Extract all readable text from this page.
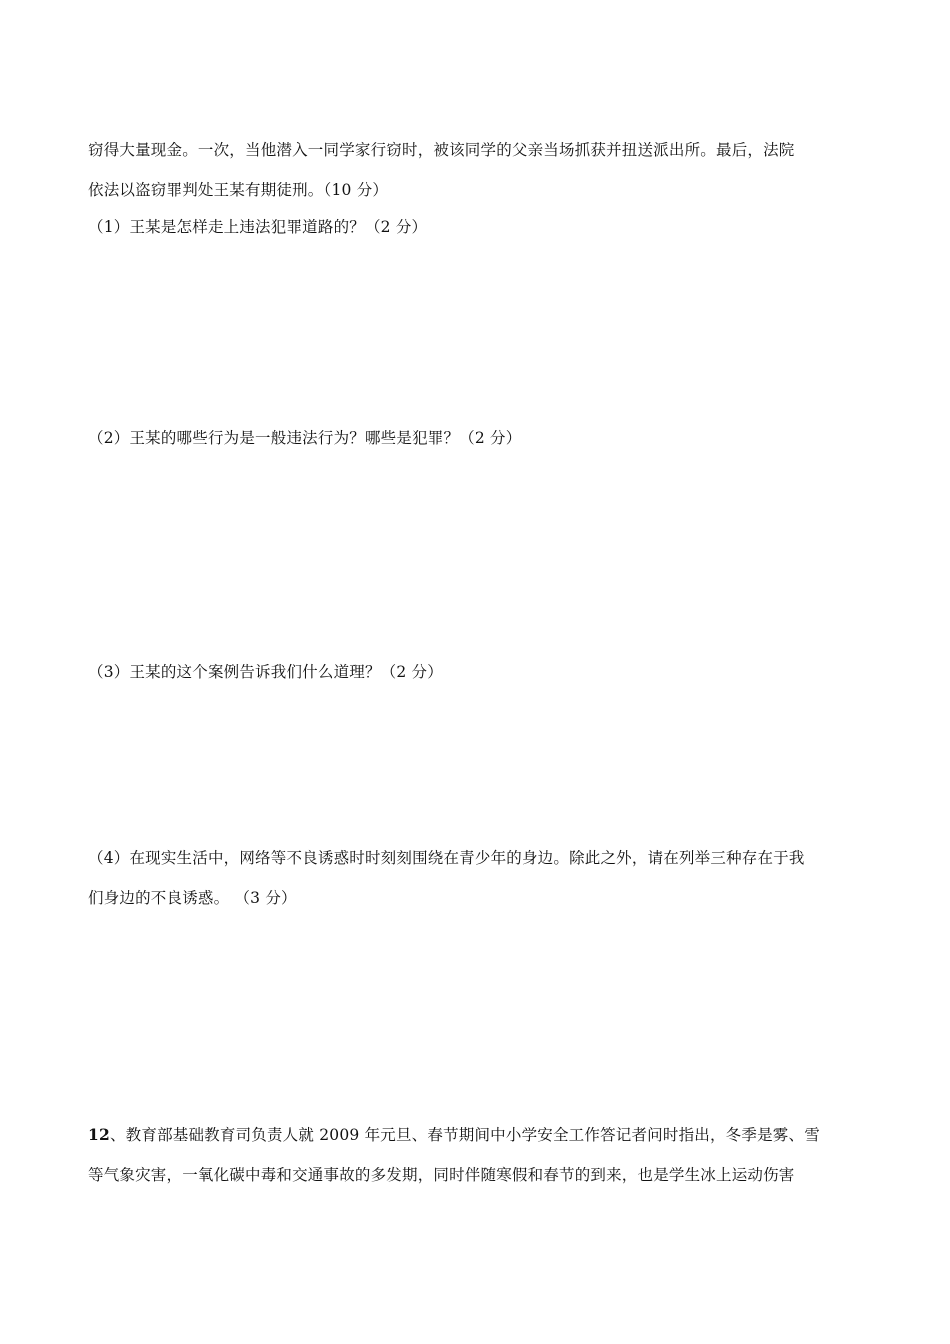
窃得大量现金。一次，当他潜入一同学家行窃时，被该同学的父亲当场抓获并扭送派出所。最后，法院
依法以盗窃罪判处王某有期徒刑。（10 分）
（1）王某是怎样走上违法犯罪道路的？（2 分）
（2）王某的哪些行为是一般违法行为？哪些是犯罪？（2 分）
（3）王某的这个案例告诉我们什么道理？（2 分）
（4）在现实生活中，网络等不良诱惑时时刻刻围绕在青少年的身边。除此之外，请在列举三种存在于我
们身边的不良诱惑。 （3 分）
12、教育部基础教育司负责人就 2009 年元旦、春节期间中小学安全工作答记者问时指出，冬季是雾、雪
等气象灾害，一氧化碳中毒和交通事故的多发期，同时伴随寒假和春节的到来，也是学生冰上运动伤害
